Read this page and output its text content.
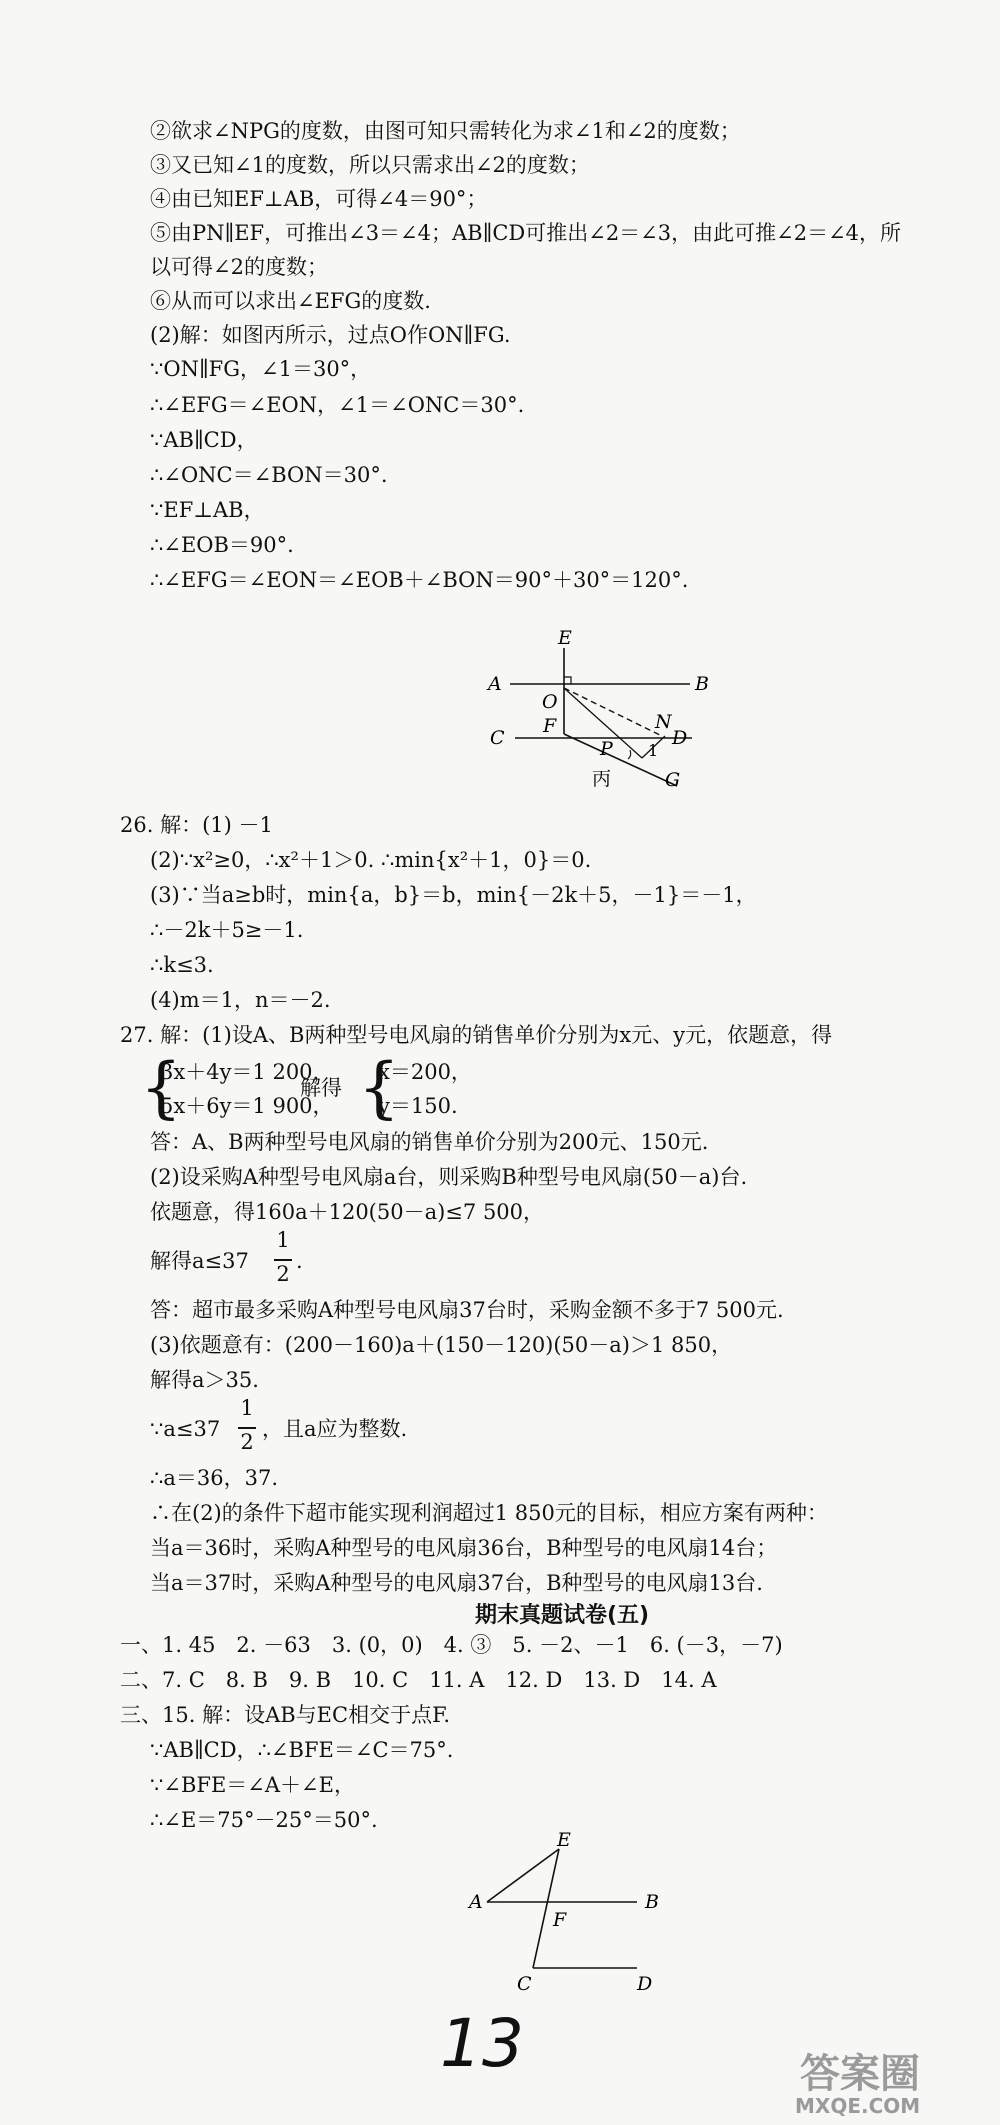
②欲求∠NPG的度数，由图可知只需转化为求∠1和∠2的度数；
③又已知∠1的度数，所以只需求出∠2的度数；
④由已知EF⊥AB，可得∠4＝90°；
⑤由PN∥EF，可推出∠3＝∠4；AB∥CD可推出∠2＝∠3，由此可推∠2＝∠4，所
以可得∠2的度数；
⑥从而可以求出∠EFG的度数.
(2)解：如图丙所示，过点O作ON∥FG.
∵ON∥FG，∠1＝30°，
∴∠EFG＝∠EON，∠1＝∠ONC＝30°.
∵AB∥CD，
∴∠ONC＝∠BON＝30°.
∵EF⊥AB，
∴∠EOB＝90°.
∴∠EFG＝∠EON＝∠EOB＋∠BON＝90°＋30°＝120°.
E
A	B
O
N
F
D
C	P 1
G
丙
26. 解：(1) －1
(2)∵x²≥0，∴x²＋1＞0. ∴min{x²＋1，0}＝0.
(3)∵当a≥b时，min{a，b}＝b，min{－2k＋5，－1}＝－1，
∴－2k＋5≥－1.
∴k≤3.
(4)m＝1，n＝－2.
27. 解：(1)设A、B两种型号电风扇的销售单价分别为x元、y元，依题意，得
{
3x＋4y＝1 200，
5x＋6y＝1 900，
解得 {
x＝200，
y＝150.
答：A、B两种型号电风扇的销售单价分别为200元、150元.
(2)设采购A种型号电风扇a台，则采购B种型号电风扇(50－a)台.
依题意，得160a＋120(50－a)≤7 500，
解得a≤37
1
2
.
答：超市最多采购A种型号电风扇37台时，采购金额不多于7 500元.
(3)依题意有：(200－160)a＋(150－120)(50－a)＞1 850，
解得a＞35.
∵a≤37
1
2
，且a应为整数.
∴a＝36，37.
∴在(2)的条件下超市能实现利润超过1 850元的目标，相应方案有两种：
当a＝36时，采购A种型号的电风扇36台，B种型号的电风扇14台；
当a＝37时，采购A种型号的电风扇37台，B种型号的电风扇13台.
期末真题试卷(五)
一、1. 45　2. －63　3. (0，0)　4. ③　5. －2、－1　6. (－3，－7)
二、7. C　8. B　9. B　10. C　11. A　12. D　13. D　14. A
三、15. 解：设AB与EC相交于点F.
∵AB∥CD，∴∠BFE＝∠C＝75°.
∵∠BFE＝∠A＋∠E，
∴∠E＝75°－25°＝50°.
E
A	B
F
C	D
13	答案圈
MXQE.COM
